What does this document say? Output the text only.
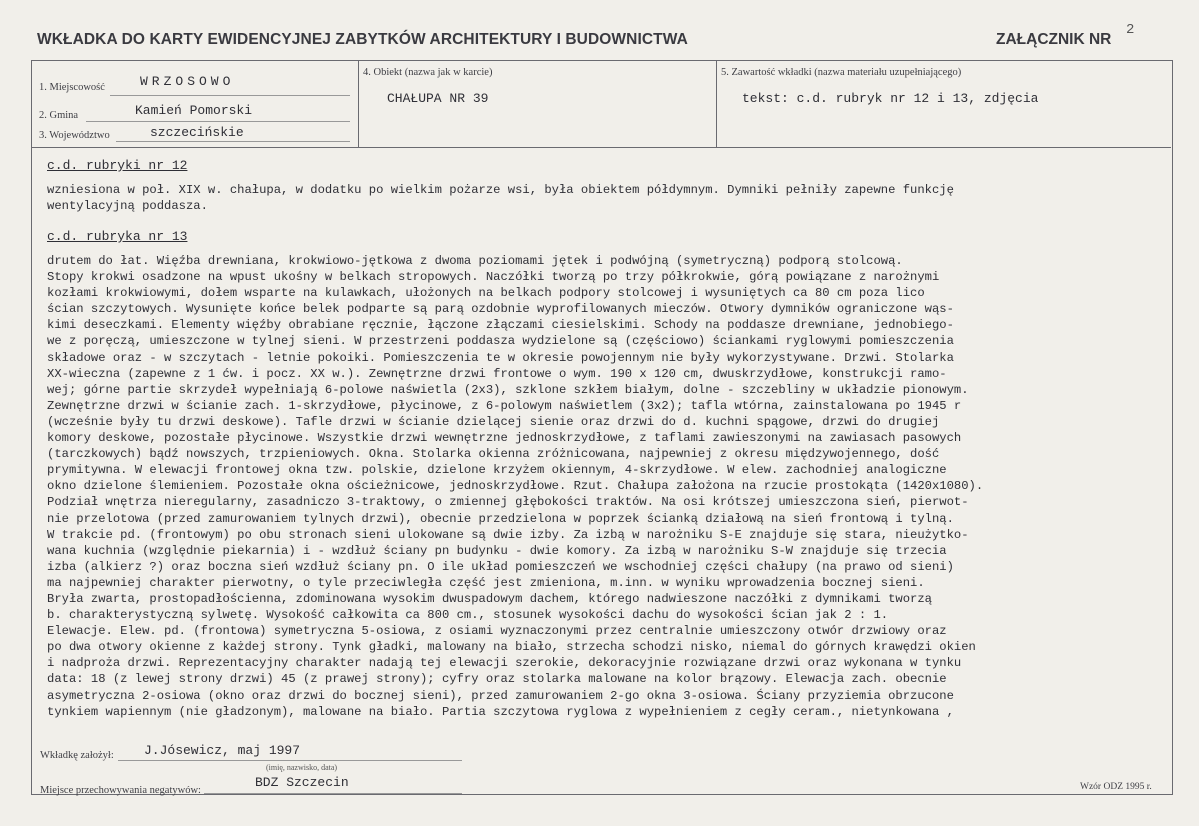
WKŁADKA DO KARTY EWIDENCYJNEJ ZABYTKÓW ARCHITEKTURY I BUDOWNICTWA	ZAŁĄCZNIK NR
2
1. Miejscowość	WRZOSOWO
2. Gmina	Kamień Pomorski
3. Województwo	szczecińskie
4. Obiekt (nazwa jak w karcie)
CHAŁUPA NR 39
5. Zawartość wkładki (nazwa materiału uzupełniającego)
tekst: c.d. rubryk nr 12 i 13, zdjęcia
c.d. rubryki nr 12
wzniesiona w poł. XIX w. chałupa, w dodatku po wielkim pożarze wsi, była obiektem półdymnym. Dymniki pełniły zapewne funkcję
wentylacyjną poddasza.
c.d. rubryka nr 13
drutem do łat. Więźba drewniana, krokwiowo-jętkowa z dwoma poziomami jętek i podwójną (symetryczną) podporą stolcową.
Stopy krokwi osadzone na wpust ukośny w belkach stropowych. Naczółki tworzą po trzy półkrokwie, górą powiązane z narożnymi
kozłami krokwiowymi, dołem wsparte na kulawkach, ułożonych na belkach podpory stolcowej i wysuniętych ca 80 cm poza lico
ścian szczytowych. Wysunięte końce belek podparte są parą ozdobnie wyprofilowanych mieczów. Otwory dymników ograniczone wąs-
kimi deseczkami. Elementy więźby obrabiane ręcznie, łączone złączami ciesielskimi. Schody na poddasze drewniane, jednobiego-
we z poręczą, umieszczone w tylnej sieni. W przestrzeni poddasza wydzielone są (częściowo) ściankami ryglowymi pomieszczenia
składowe oraz - w szczytach - letnie pokoiki. Pomieszczenia te w okresie powojennym nie były wykorzystywane. Drzwi. Stolarka
XX-wieczna (zapewne z 1 ćw. i pocz. XX w.). Zewnętrzne drzwi frontowe o wym. 190 x 120 cm, dwuskrzydłowe, konstrukcji ramo-
wej; górne partie skrzydeł wypełniają 6-polowe naświetla (2x3), szklone szkłem białym, dolne - szczebliny w układzie pionowym.
Zewnętrzne drzwi w ścianie zach. 1-skrzydłowe, płycinowe, z 6-polowym naświetlem (3x2); tafla wtórna, zainstalowana po 1945 r
(wcześnie były tu drzwi deskowe). Tafle drzwi w ścianie dzielącej sienie oraz drzwi do d. kuchni spągowe, drzwi do drugiej
komory deskowe, pozostałe płycinowe. Wszystkie drzwi wewnętrzne jednoskrzydłowe, z taflami zawieszonymi na zawiasach pasowych
(tarczkowych) bądź nowszych, trzpieniowych. Okna. Stolarka okienna zróżnicowana, najpewniej z okresu międzywojennego, dość
prymitywna. W elewacji frontowej okna tzw. polskie, dzielone krzyżem okiennym, 4-skrzydłowe. W elew. zachodniej analogiczne
okno dzielone ślemieniem. Pozostałe okna ościeżnicowe, jednoskrzydłowe. Rzut. Chałupa założona na rzucie prostokąta (1420x1080).
Podział wnętrza nieregularny, zasadniczo 3-traktowy, o zmiennej głębokości traktów. Na osi krótszej umieszczona sień, pierwot-
nie przelotowa (przed zamurowaniem tylnych drzwi), obecnie przedzielona w poprzek ścianką działową na sień frontową i tylną.
W trakcie pd. (frontowym) po obu stronach sieni ulokowane są dwie izby. Za izbą w narożniku S-E znajduje się stara, nieużytko-
wana kuchnia (względnie piekarnia) i - wzdłuż ściany pn budynku - dwie komory. Za izbą w narożniku S-W znajduje się trzecia
izba (alkierz ?) oraz boczna sień wzdłuż ściany pn. O ile układ pomieszczeń we wschodniej części chałupy (na prawo od sieni)
ma najpewniej charakter pierwotny, o tyle przeciwległa część jest zmieniona, m.inn. w wyniku wprowadzenia bocznej sieni.
Bryła zwarta, prostopadłościenna, zdominowana wysokim dwuspadowym dachem, którego nadwieszone naczółki z dymnikami tworzą
b. charakterystyczną sylwetę. Wysokość całkowita ca 800 cm., stosunek wysokości dachu do wysokości ścian jak 2 : 1.
Elewacje. Elew. pd. (frontowa) symetryczna 5-osiowa, z osiami wyznaczonymi przez centralnie umieszczony otwór drzwiowy oraz
po dwa otwory okienne z każdej strony. Tynk gładki, malowany na biało, strzecha schodzi nisko, niemal do górnych krawędzi okien
i nadproża drzwi. Reprezentacyjny charakter nadają tej elewacji szerokie, dekoracyjnie rozwiązane drzwi oraz wykonana w tynku
data: 18 (z lewej strony drzwi) 45 (z prawej strony); cyfry oraz stolarka malowane na kolor brązowy. Elewacja zach. obecnie
asymetryczna 2-osiowa (okno oraz drzwi do bocznej sieni), przed zamurowaniem 2-go okna 3-osiowa. Ściany przyziemia obrzucone
tynkiem wapiennym (nie gładzonym), malowane na biało. Partia szczytowa ryglowa z wypełnieniem z cegły ceram., nietynkowana ,
Wkładkę założył: J.Jósewicz, maj 1997
(imię, nazwisko, data)
Miejsce przechowywania negatywów:
BDZ Szczecin	Wzór ODZ 1995 r.
